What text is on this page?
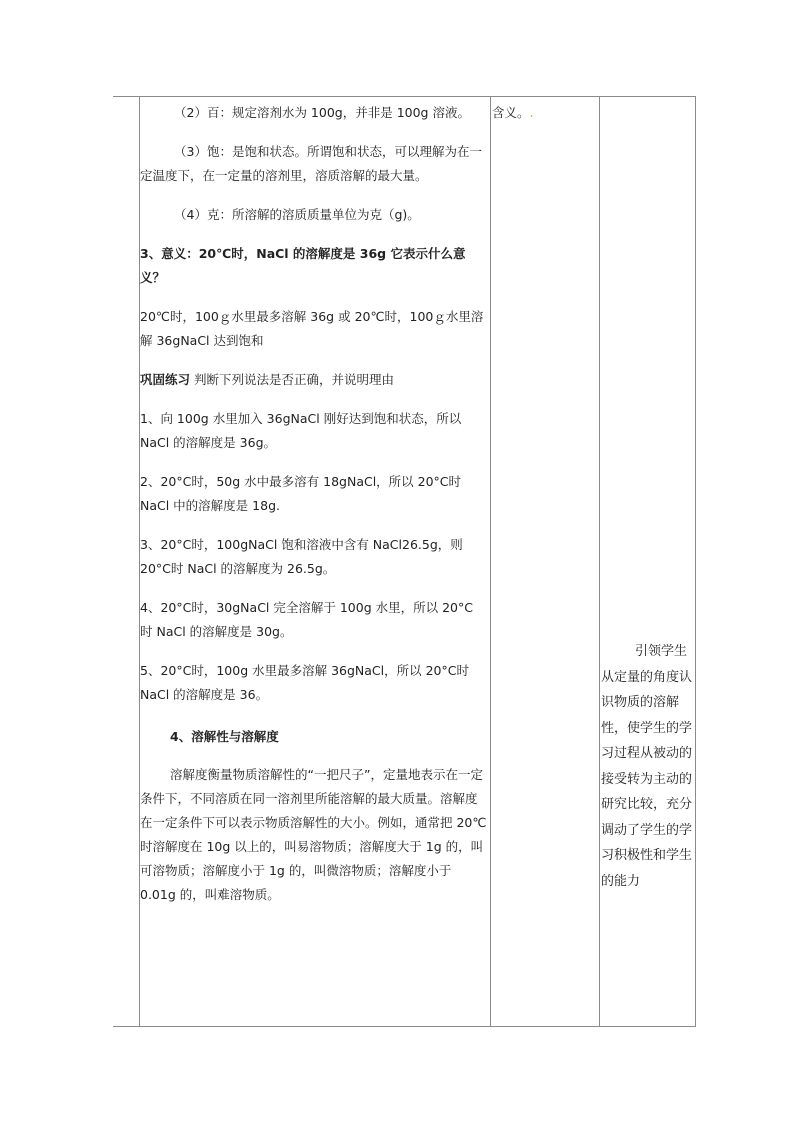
（2）百：规定溶剂水为 100g，并非是 100g 溶液。

（3）饱：是饱和状态。所谓饱和状态，可以理解为在一定温度下，在一定量的溶剂里，溶质溶解的最大量。

（4）克：所溶解的溶质质量单位为克（g)。

3、意义：20℃时，NaCl 的溶解度是 36g 它表示什么意义？

20℃时，100ｇ水里最多溶解 36g 或 20℃时，100ｇ水里溶解 36gNaCl 达到饱和

巩固练习 判断下列说法是否正确，并说明理由

1、向 100g 水里加入 36gNaCl 刚好达到饱和状态，所以 NaCl 的溶解度是 36g。

2、20°C时，50g 水中最多溶有 18gNaCl，所以 20°C时 NaCl 中的溶解度是 18g.

3、20°C时，100gNaCl 饱和溶液中含有 NaCl26.5g，则 20°C时 NaCl 的溶解度为 26.5g。

4、20°C时，30gNaCl 完全溶解于 100g 水里，所以 20°C 时 NaCl 的溶解度是 30g。

5、20°C时，100g 水里最多溶解 36gNaCl，所以 20°C时 NaCl 的溶解度是 36。

4、溶解性与溶解度

溶解度衡量物质溶解性的“一把尺子”，定量地表示在一定条件下，不同溶质在同一溶剂里所能溶解的最大质量。溶解度在一定条件下可以表示物质溶解性的大小。例如，通常把 20℃时溶解度在 10g 以上的，叫易溶物质；溶解度大于 1g 的，叫可溶物质；溶解度小于 1g 的，叫微溶物质；溶解度小于 0.01g 的，叫难溶物质。

含义。.

引领学生从定量的角度认识物质的溶解性，使学生的学习过程从被动的接受转为主动的研究比较，充分调动了学生的学习积极性和学生的能力
